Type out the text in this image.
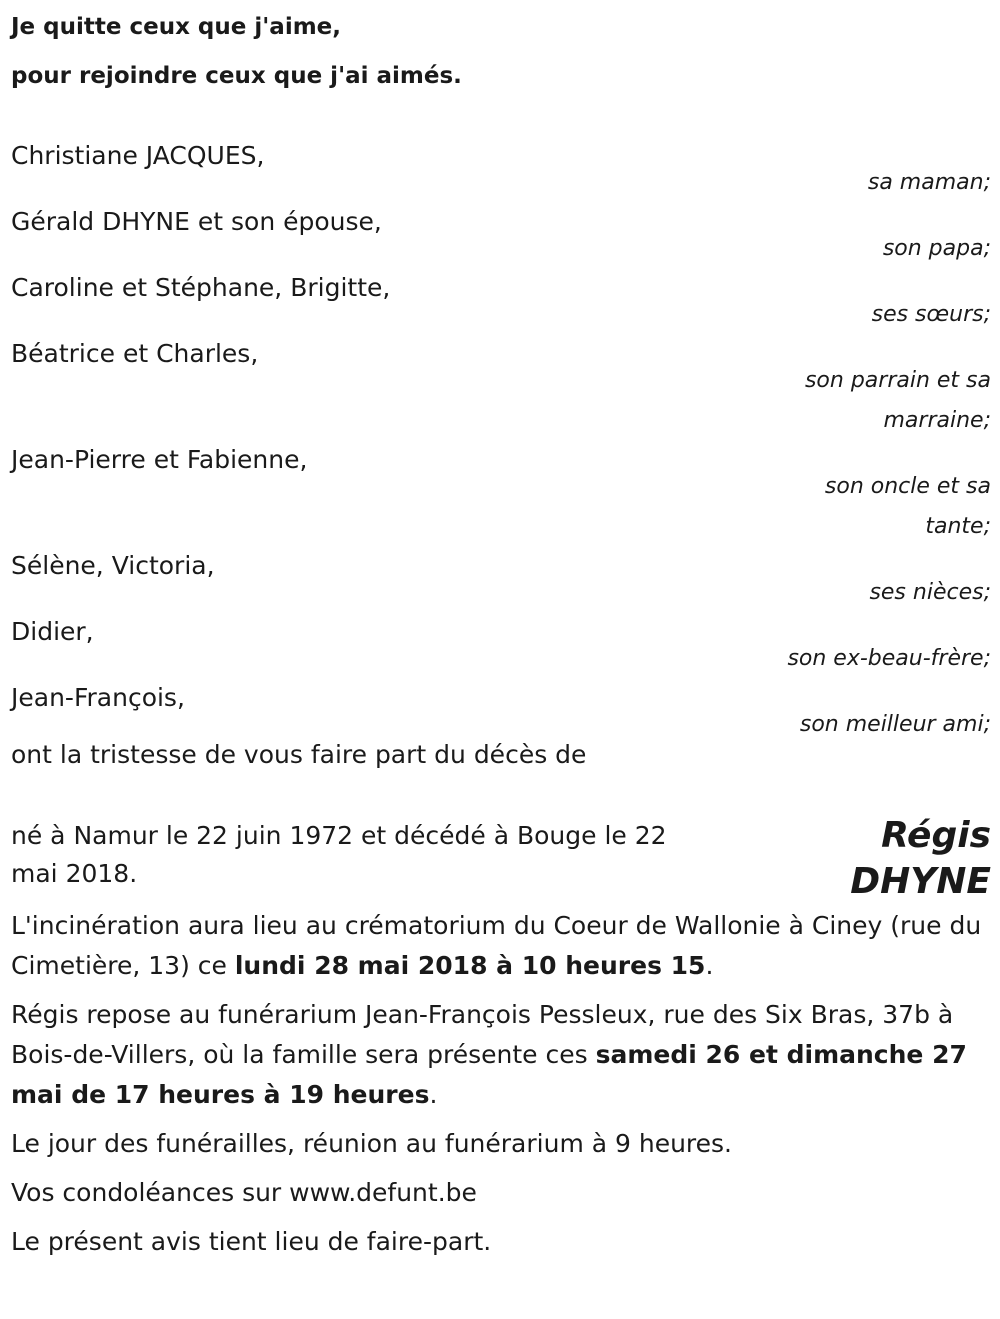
Je quitte ceux que j'aime,
pour rejoindre ceux que j'ai aimés.
Christiane JACQUES,
sa maman;
Gérald DHYNE et son épouse,
son papa;
Caroline et Stéphane, Brigitte,
ses sœurs;
Béatrice et Charles,
son parrain et sa marraine;
Jean-Pierre et Fabienne,
son oncle et sa tante;
Sélène, Victoria,
ses nièces;
Didier,
son ex-beau-frère;
Jean-François,
son meilleur ami;
ont la tristesse de vous faire part du décès de
né à Namur le 22 juin 1972 et décédé à Bouge le 22 mai 2018.
Régis
DHYNE

L'incinération aura lieu au crématorium du Coeur de Wallonie à Ciney (rue du Cimetière, 13) ce lundi 28 mai 2018 à 10 heures 15.

Régis repose au funérarium Jean-François Pessleux, rue des Six Bras, 37b à Bois-de-Villers, où la famille sera présente ces samedi 26 et dimanche 27 mai de 17 heures à 19 heures.

Le jour des funérailles, réunion au funérarium à 9 heures.

Vos condoléances sur www.defunt.be

Le présent avis tient lieu de faire-part.
